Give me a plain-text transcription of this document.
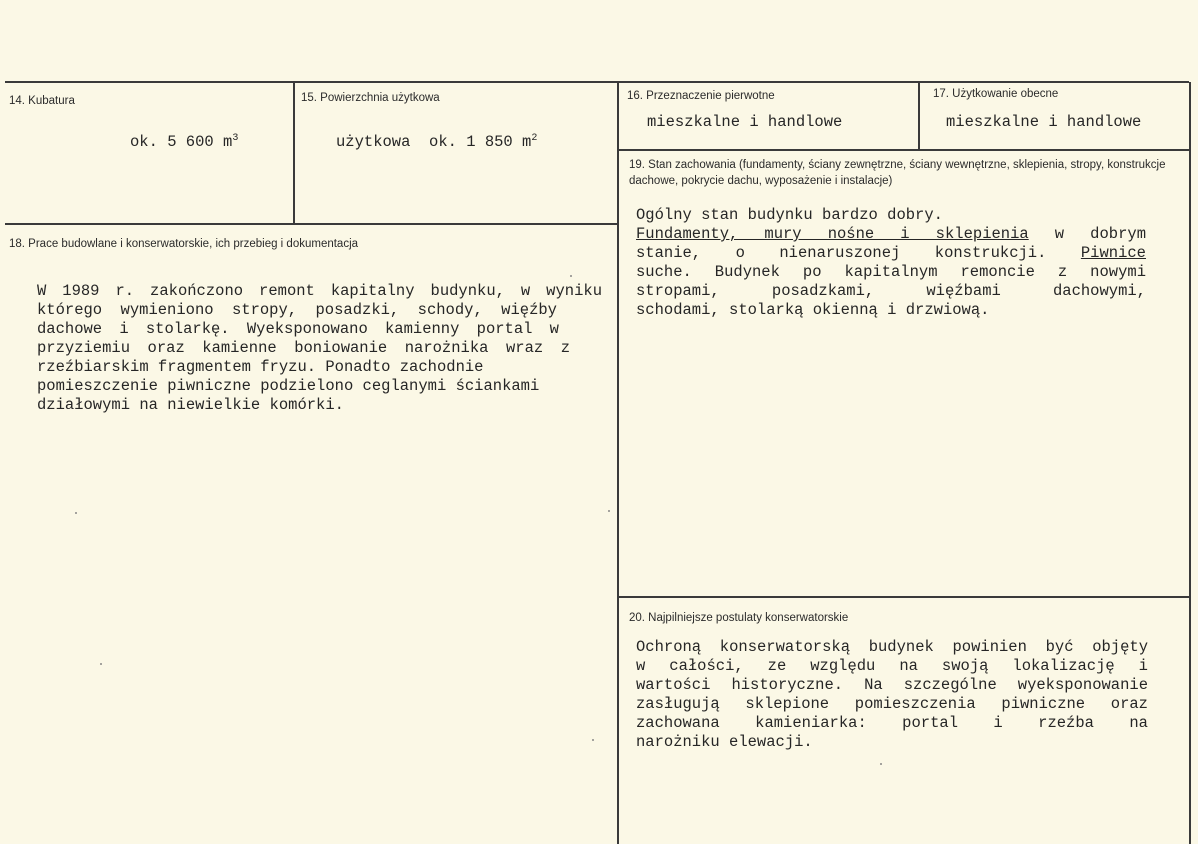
14. Kubatura
ok. 5 600 $m^3$
15. Powierzchnia użytkowa
użytkowa  ok. 1 850 $m^2$
16. Przeznaczenie pierwotne
mieszkalne i handlowe
17. Użytkowanie obecne
mieszkalne i handlowe
18. Prace budowlane i konserwatorskie, ich przebieg i dokumentacja
W 1989 r. zakończono remont kapitalny budynku, w wyniku
którego wymieniono stropy, posadzki, schody, więźby
dachowe i stolarkę. Wyeksponowano kamienny portal w
przyziemiu oraz kamienne boniowanie narożnika wraz z
rzeźbiarskim fragmentem fryzu. Ponadto zachodnie
pomieszczenie piwniczne podzielono ceglanymi ściankami
działowymi na niewielkie komórki.
19. Stan zachowania (fundamenty, ściany zewnętrzne, ściany wewnętrzne, sklepienia, stropy, konstrukcje dachowe, pokrycie dachu, wyposażenie i instalacje)
Ogólny stan budynku bardzo dobry.
Fundamenty, mury nośne i sklepienia w dobrym
stanie, o nienaruszonej konstrukcji. Piwnice
suche. Budynek po kapitalnym remoncie z nowymi
stropami, posadzkami, więźbami dachowymi,
schodami, stolarką okienną i drzwiową.
20. Najpilniejsze postulaty konserwatorskie
Ochroną konserwatorską budynek powinien być objęty
w całości, ze względu na swoją lokalizację i
wartości historyczne. Na szczególne wyeksponowanie
zasługują sklepione pomieszczenia piwniczne oraz
zachowana kamieniarka: portal i rzeźba na
narożniku elewacji.
